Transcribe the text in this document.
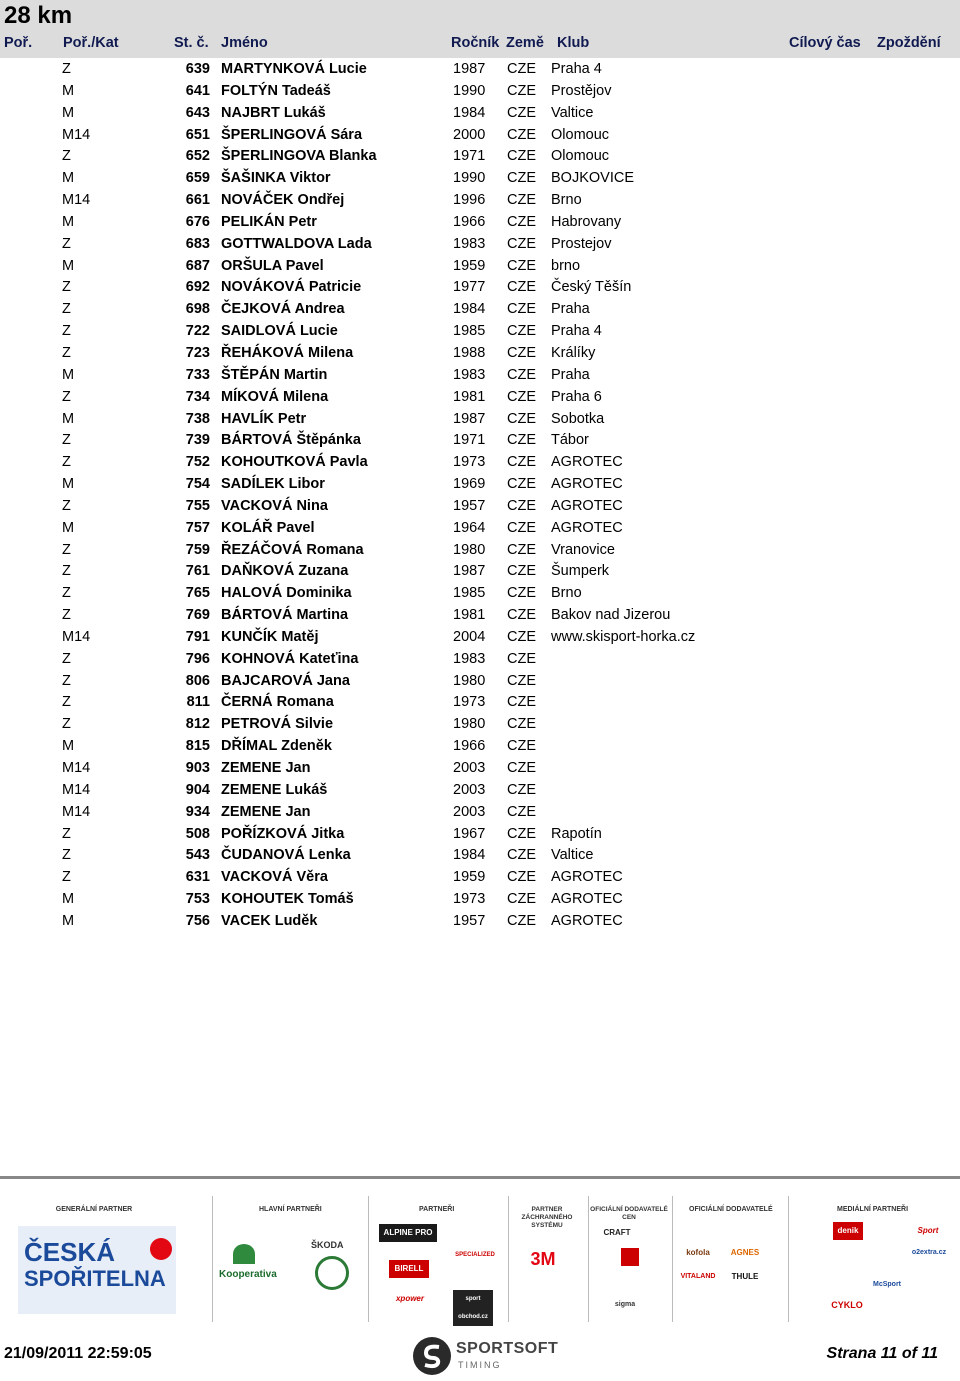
28 km
Poř. Poř./Kat	St. č. Jméno	Ročník Země Klub	Cílový čas Zpoždění
Z	639 MARTYNKOVÁ Lucie	1987 CZE Praha 4
M	641 FOLTÝN Tadeáš	1990 CZE Prostějov
M	643 NAJBRT Lukáš	1984 CZE Valtice
M14	651 ŠPERLINGOVÁ Sára	2000 CZE Olomouc
Z	652 ŠPERLINGOVA Blanka	1971 CZE Olomouc
M	659 ŠAŠINKA Viktor	1990 CZE BOJKOVICE
M14	661 NOVÁČEK Ondřej	1996 CZE Brno
M	676 PELIKÁN Petr	1966 CZE Habrovany
Z	683 GOTTWALDOVA Lada	1983 CZE Prostejov
M	687 ORŠULA Pavel	1959 CZE brno
Z	692 NOVÁKOVÁ Patricie	1977 CZE Český Těšín
Z	698 ČEJKOVÁ Andrea	1984 CZE Praha
Z	722 SAIDLOVÁ Lucie	1985 CZE Praha 4
Z	723 ŘEHÁKOVÁ Milena	1988 CZE Králíky
M	733 ŠTĚPÁN Martin	1983 CZE Praha
Z	734 MÍKOVÁ Milena	1981 CZE Praha 6
M	738 HAVLÍK Petr	1987 CZE Sobotka
Z	739 BÁRTOVÁ Štěpánka	1971 CZE Tábor
Z	752 KOHOUTKOVÁ Pavla	1973 CZE AGROTEC
M	754 SADÍLEK Libor	1969 CZE AGROTEC
Z	755 VACKOVÁ Nina	1957 CZE AGROTEC
M	757 KOLÁŘ Pavel	1964 CZE AGROTEC
Z	759 ŘEZÁČOVÁ Romana	1980 CZE Vranovice
Z	761 DAŇKOVÁ Zuzana	1987 CZE Šumperk
Z	765 HALOVÁ Dominika	1985 CZE Brno
Z	769 BÁRTOVÁ Martina	1981 CZE Bakov nad Jizerou
M14	791 KUNČÍK Matěj	2004 CZE www.skisport-horka.cz
Z	796 KOHNOVÁ Kateťina	1983 CZE
Z	806 BAJCAROVÁ Jana	1980 CZE
Z	811 ČERNÁ Romana	1973 CZE
Z	812 PETROVÁ Silvie	1980 CZE
M	815 DŘÍMAL Zdeněk	1966 CZE
M14	903 ZEMENE Jan	2003 CZE
M14	904 ZEMENE Lukáš	2003 CZE
M14	934 ZEMENE Jan	2003 CZE
Z	508 POŘÍZKOVÁ Jitka	1967 CZE Rapotín
Z	543 ČUDANOVÁ Lenka	1984 CZE Valtice
Z	631 VACKOVÁ Věra	1959 CZE AGROTEC
M	753 KOHOUTEK Tomáš	1973 CZE AGROTEC
M	756 VACEK Luděk	1957 CZE AGROTEC
GENERÁLNÍ PARTNER
ČESKÁ
SPOŘITELNA
HLAVNÍ PARTNEŘI
Kooperativa
ŠKODA
PARTNEŘI
ALPINE PRO
BIRELL
xpower
SPECIALIZED
sport obchod.cz
PARTNER ZÁCHRANNÉHO SYSTÉMU
3M
OFICIÁLNÍ DODAVATELÉ CEN
CRAFT
sigma
OFICIÁLNÍ DODAVATELÉ
kofola
VITALAND	THULE
AGNES
MEDIÁLNÍ PARTNEŘI
denik	Sport
o2extra.cz
McSport
CYKLO
21/09/2011 22:59:05	SPORTSOFT
TIMING
Strana 11 of 11
